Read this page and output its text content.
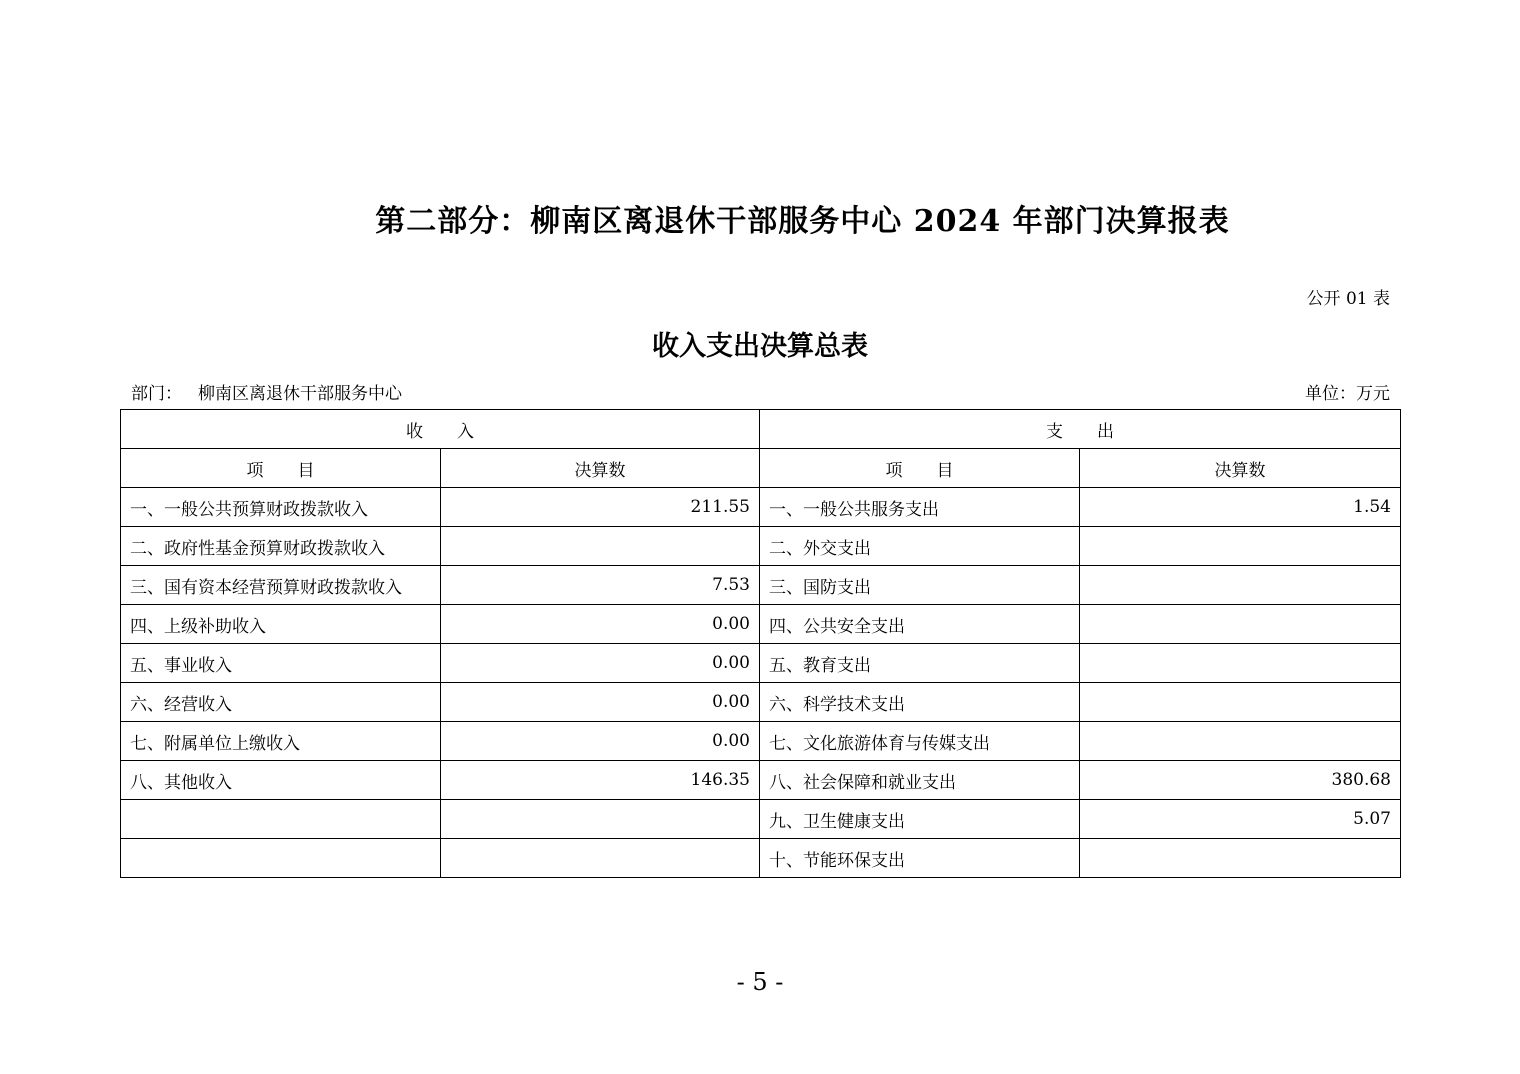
第二部分：柳南区离退休干部服务中心 2024 年部门决算报表
公开 01 表
收入支出决算总表
部门： 柳南区离退休干部服务中心	单位：万元
收　　入		支　　出	
项　　目	决算数	项　　目	决算数
一、一般公共预算财政拨款收入	211.55	一、一般公共服务支出	1.54
二、政府性基金预算财政拨款收入		二、外交支出	
三、国有资本经营预算财政拨款收入	7.53	三、国防支出	
四、上级补助收入	0.00	四、公共安全支出	
五、事业收入	0.00	五、教育支出	
六、经营收入	0.00	六、科学技术支出	
七、附属单位上缴收入	0.00	七、文化旅游体育与传媒支出	
八、其他收入	146.35	八、社会保障和就业支出	380.68
		九、卫生健康支出	5.07
		十、节能环保支出	
- 5 -
